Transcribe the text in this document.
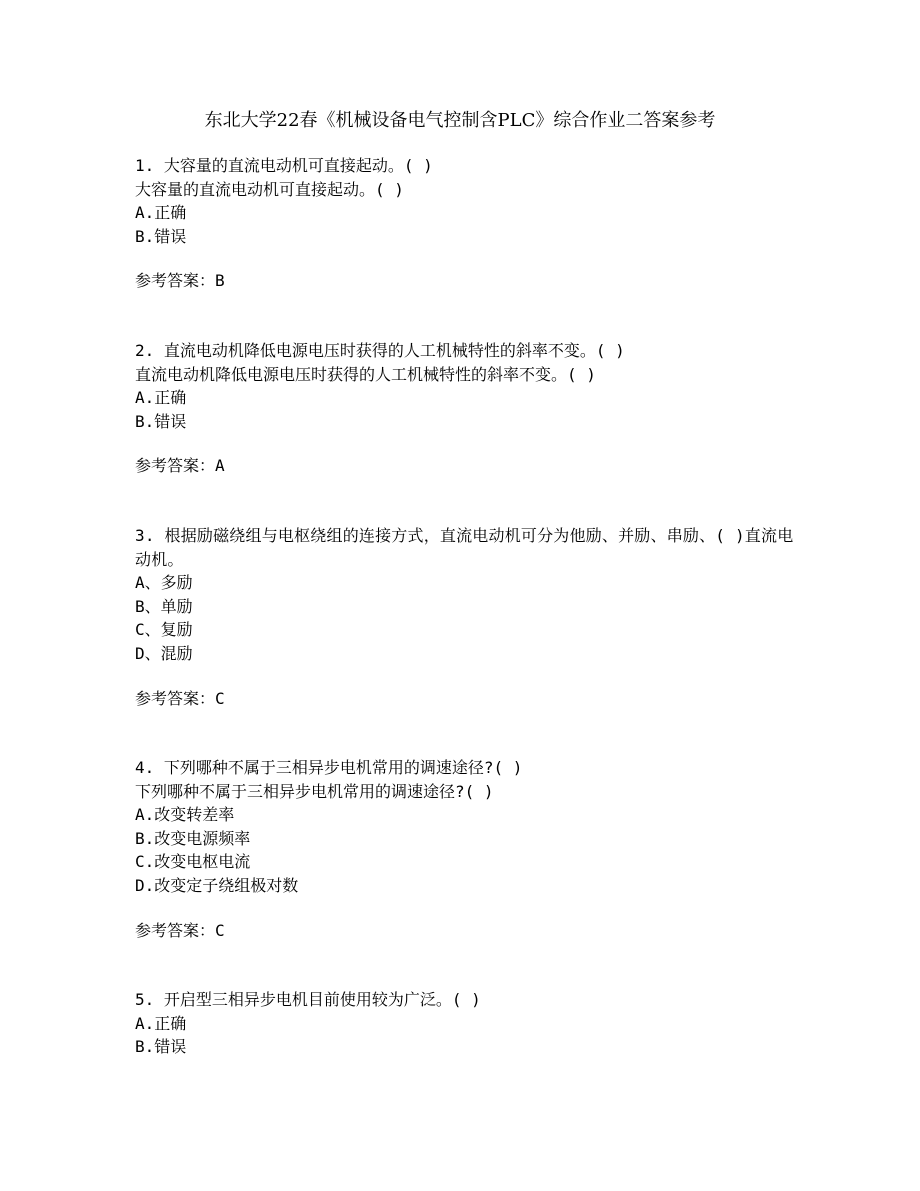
东北大学22春《机械设备电气控制含PLC》综合作业二答案参考
1. 大容量的直流电动机可直接起动。( )
大容量的直流电动机可直接起动。( )
A.正确
B.错误
参考答案：B
2. 直流电动机降低电源电压时获得的人工机械特性的斜率不变。( )
直流电动机降低电源电压时获得的人工机械特性的斜率不变。( )
A.正确
B.错误
参考答案：A
3. 根据励磁绕组与电枢绕组的连接方式，直流电动机可分为他励、并励、串励、( )直流电动机。
A、多励
B、单励
C、复励
D、混励
参考答案：C
4. 下列哪种不属于三相异步电机常用的调速途径?( )
下列哪种不属于三相异步电机常用的调速途径?( )
A.改变转差率
B.改变电源频率
C.改变电枢电流
D.改变定子绕组极对数
参考答案：C
5. 开启型三相异步电机目前使用较为广泛。( )
A.正确
B.错误
